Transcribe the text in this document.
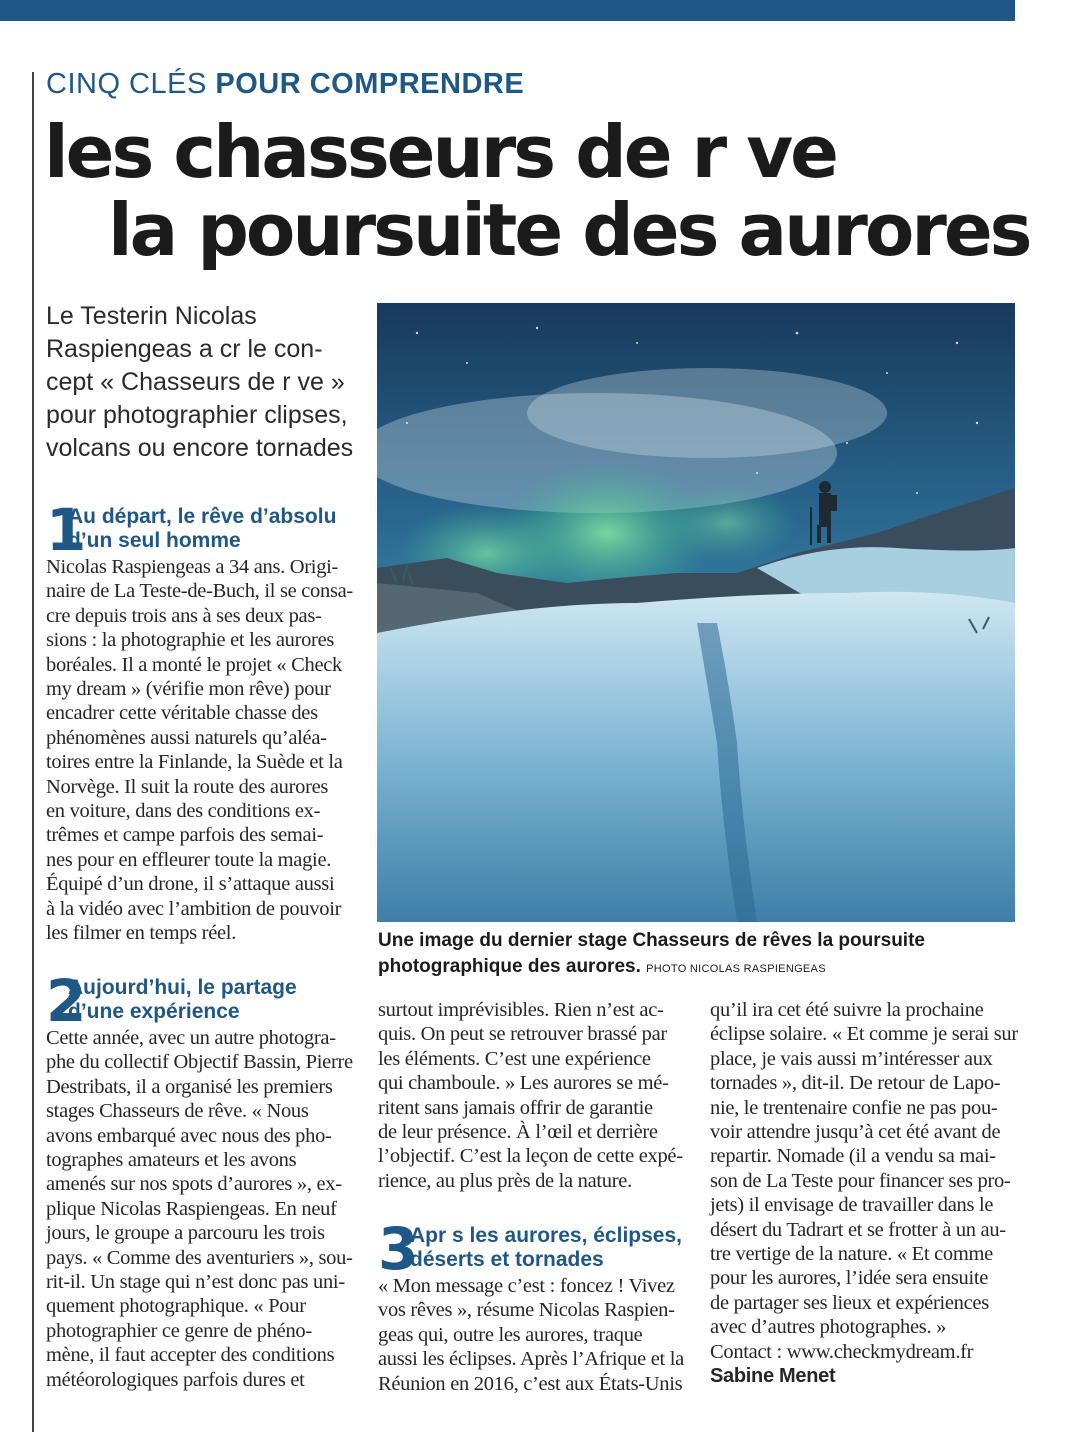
CINQ CLÉS POUR COMPRENDRE
les chasseurs de r ve
la poursuite des aurores
Le Testerin Nicolas
Raspiengeas a cr le con-
cept « Chasseurs de r ve »
pour photographier clipses,
volcans ou encore tornades
1
Au départ, le rêve d’absolu
d’un seul homme
Nicolas Raspiengeas a 34 ans. Origi-
naire de La Teste-de-Buch, il se consa-
cre depuis trois ans à ses deux pas-
sions : la photographie et les aurores
boréales. Il a monté le projet « Check
my dream » (vérifie mon rêve) pour
encadrer cette véritable chasse des
phénomènes aussi naturels qu’aléa-
toires entre la Finlande, la Suède et la
Norvège. Il suit la route des aurores
en voiture, dans des conditions ex-
trêmes et campe parfois des semai-
nes pour en effleurer toute la magie.
Équipé d’un drone, il s’attaque aussi
à la vidéo avec l’ambition de pouvoir
les filmer en temps réel.
2
Aujourd’hui, le partage
d’une expérience
Cette année, avec un autre photogra-
phe du collectif Objectif Bassin, Pierre
Destribats, il a organisé les premiers
stages Chasseurs de rêve. « Nous
avons embarqué avec nous des pho-
tographes amateurs et les avons
amenés sur nos spots d’aurores », ex-
plique Nicolas Raspiengeas. En neuf
jours, le groupe a parcouru les trois
pays. « Comme des aventuriers », sou-
rit-il. Un stage qui n’est donc pas uni-
quement photographique. « Pour
photographier ce genre de phéno-
mène, il faut accepter des conditions
météorologiques parfois dures et
Une image du dernier stage Chasseurs de rêves la poursuite
photographique des aurores. PHOTO NICOLAS RASPIENGEAS
surtout imprévisibles. Rien n’est ac-
quis. On peut se retrouver brassé par
les éléments. C’est une expérience
qui chamboule. » Les aurores se mé-
ritent sans jamais offrir de garantie
de leur présence. À l’œil et derrière
l’objectif. C’est la leçon de cette expé-
rience, au plus près de la nature.
3
Apr s les aurores, éclipses,
déserts et tornades
« Mon message c’est : foncez ! Vivez
vos rêves », résume Nicolas Raspien-
geas qui, outre les aurores, traque
aussi les éclipses. Après l’Afrique et la
Réunion en 2016, c’est aux États-Unis
qu’il ira cet été suivre la prochaine
éclipse solaire. « Et comme je serai sur
place, je vais aussi m’intéresser aux
tornades », dit-il. De retour de Lapo-
nie, le trentenaire confie ne pas pou-
voir attendre jusqu’à cet été avant de
repartir. Nomade (il a vendu sa mai-
son de La Teste pour financer ses pro-
jets) il envisage de travailler dans le
désert du Tadrart et se frotter à un au-
tre vertige de la nature. « Et comme
pour les aurores, l’idée sera ensuite
de partager ses lieux et expériences
avec d’autres photographes. »
Contact : www.checkmydream.fr
Sabine Menet
